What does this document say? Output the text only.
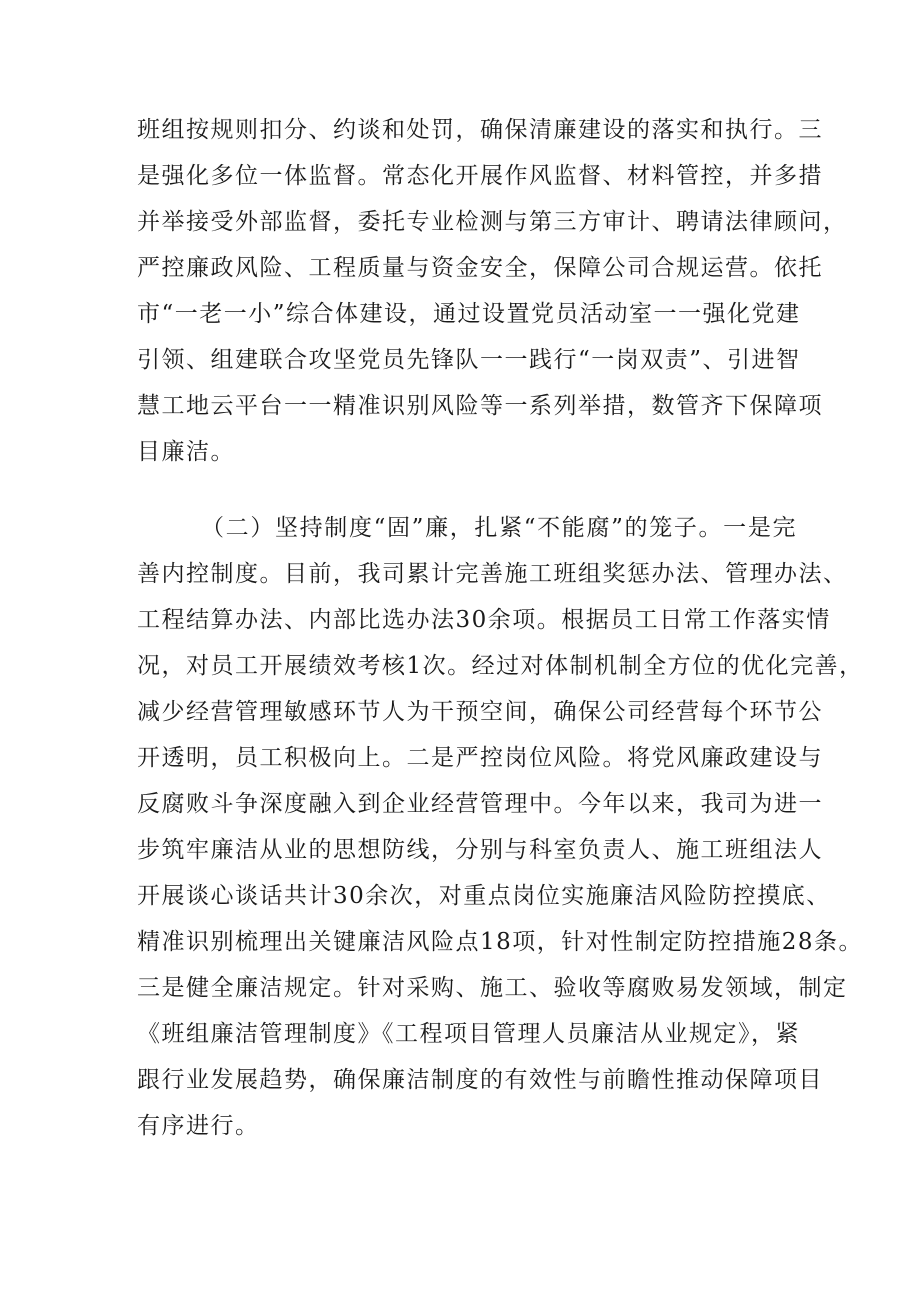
班组按规则扣分、约谈和处罚，确保清廉建设的落实和执行。三
是强化多位一体监督。常态化开展作风监督、材料管控，并多措
并举接受外部监督，委托专业检测与第三方审计、聘请法律顾问，
严控廉政风险、工程质量与资金安全，保障公司合规运营。依托
市“一老一小”综合体建设，通过设置党员活动室一一强化党建
引领、组建联合攻坚党员先锋队一一践行“一岗双责”、引进智
慧工地云平台一一精准识别风险等一系列举措，数管齐下保障项
目廉洁。
（二）坚持制度“固”廉，扎紧“不能腐”的笼子。一是完
善内控制度。目前，我司累计完善施工班组奖惩办法、管理办法、
工程结算办法、内部比选办法30余项。根据员工日常工作落实情
况，对员工开展绩效考核1次。经过对体制机制全方位的优化完善，
减少经营管理敏感环节人为干预空间，确保公司经营每个环节公
开透明，员工积极向上。二是严控岗位风险。将党风廉政建设与
反腐败斗争深度融入到企业经营管理中。今年以来，我司为进一
步筑牢廉洁从业的思想防线，分别与科室负责人、施工班组法人
开展谈心谈话共计30余次，对重点岗位实施廉洁风险防控摸底、
精准识别梳理出关键廉洁风险点18项，针对性制定防控措施28条。
三是健全廉洁规定。针对采购、施工、验收等腐败易发领域，制定
《班组廉洁管理制度》《工程项目管理人员廉洁从业规定》，紧
跟行业发展趋势，确保廉洁制度的有效性与前瞻性推动保障项目
有序进行。
